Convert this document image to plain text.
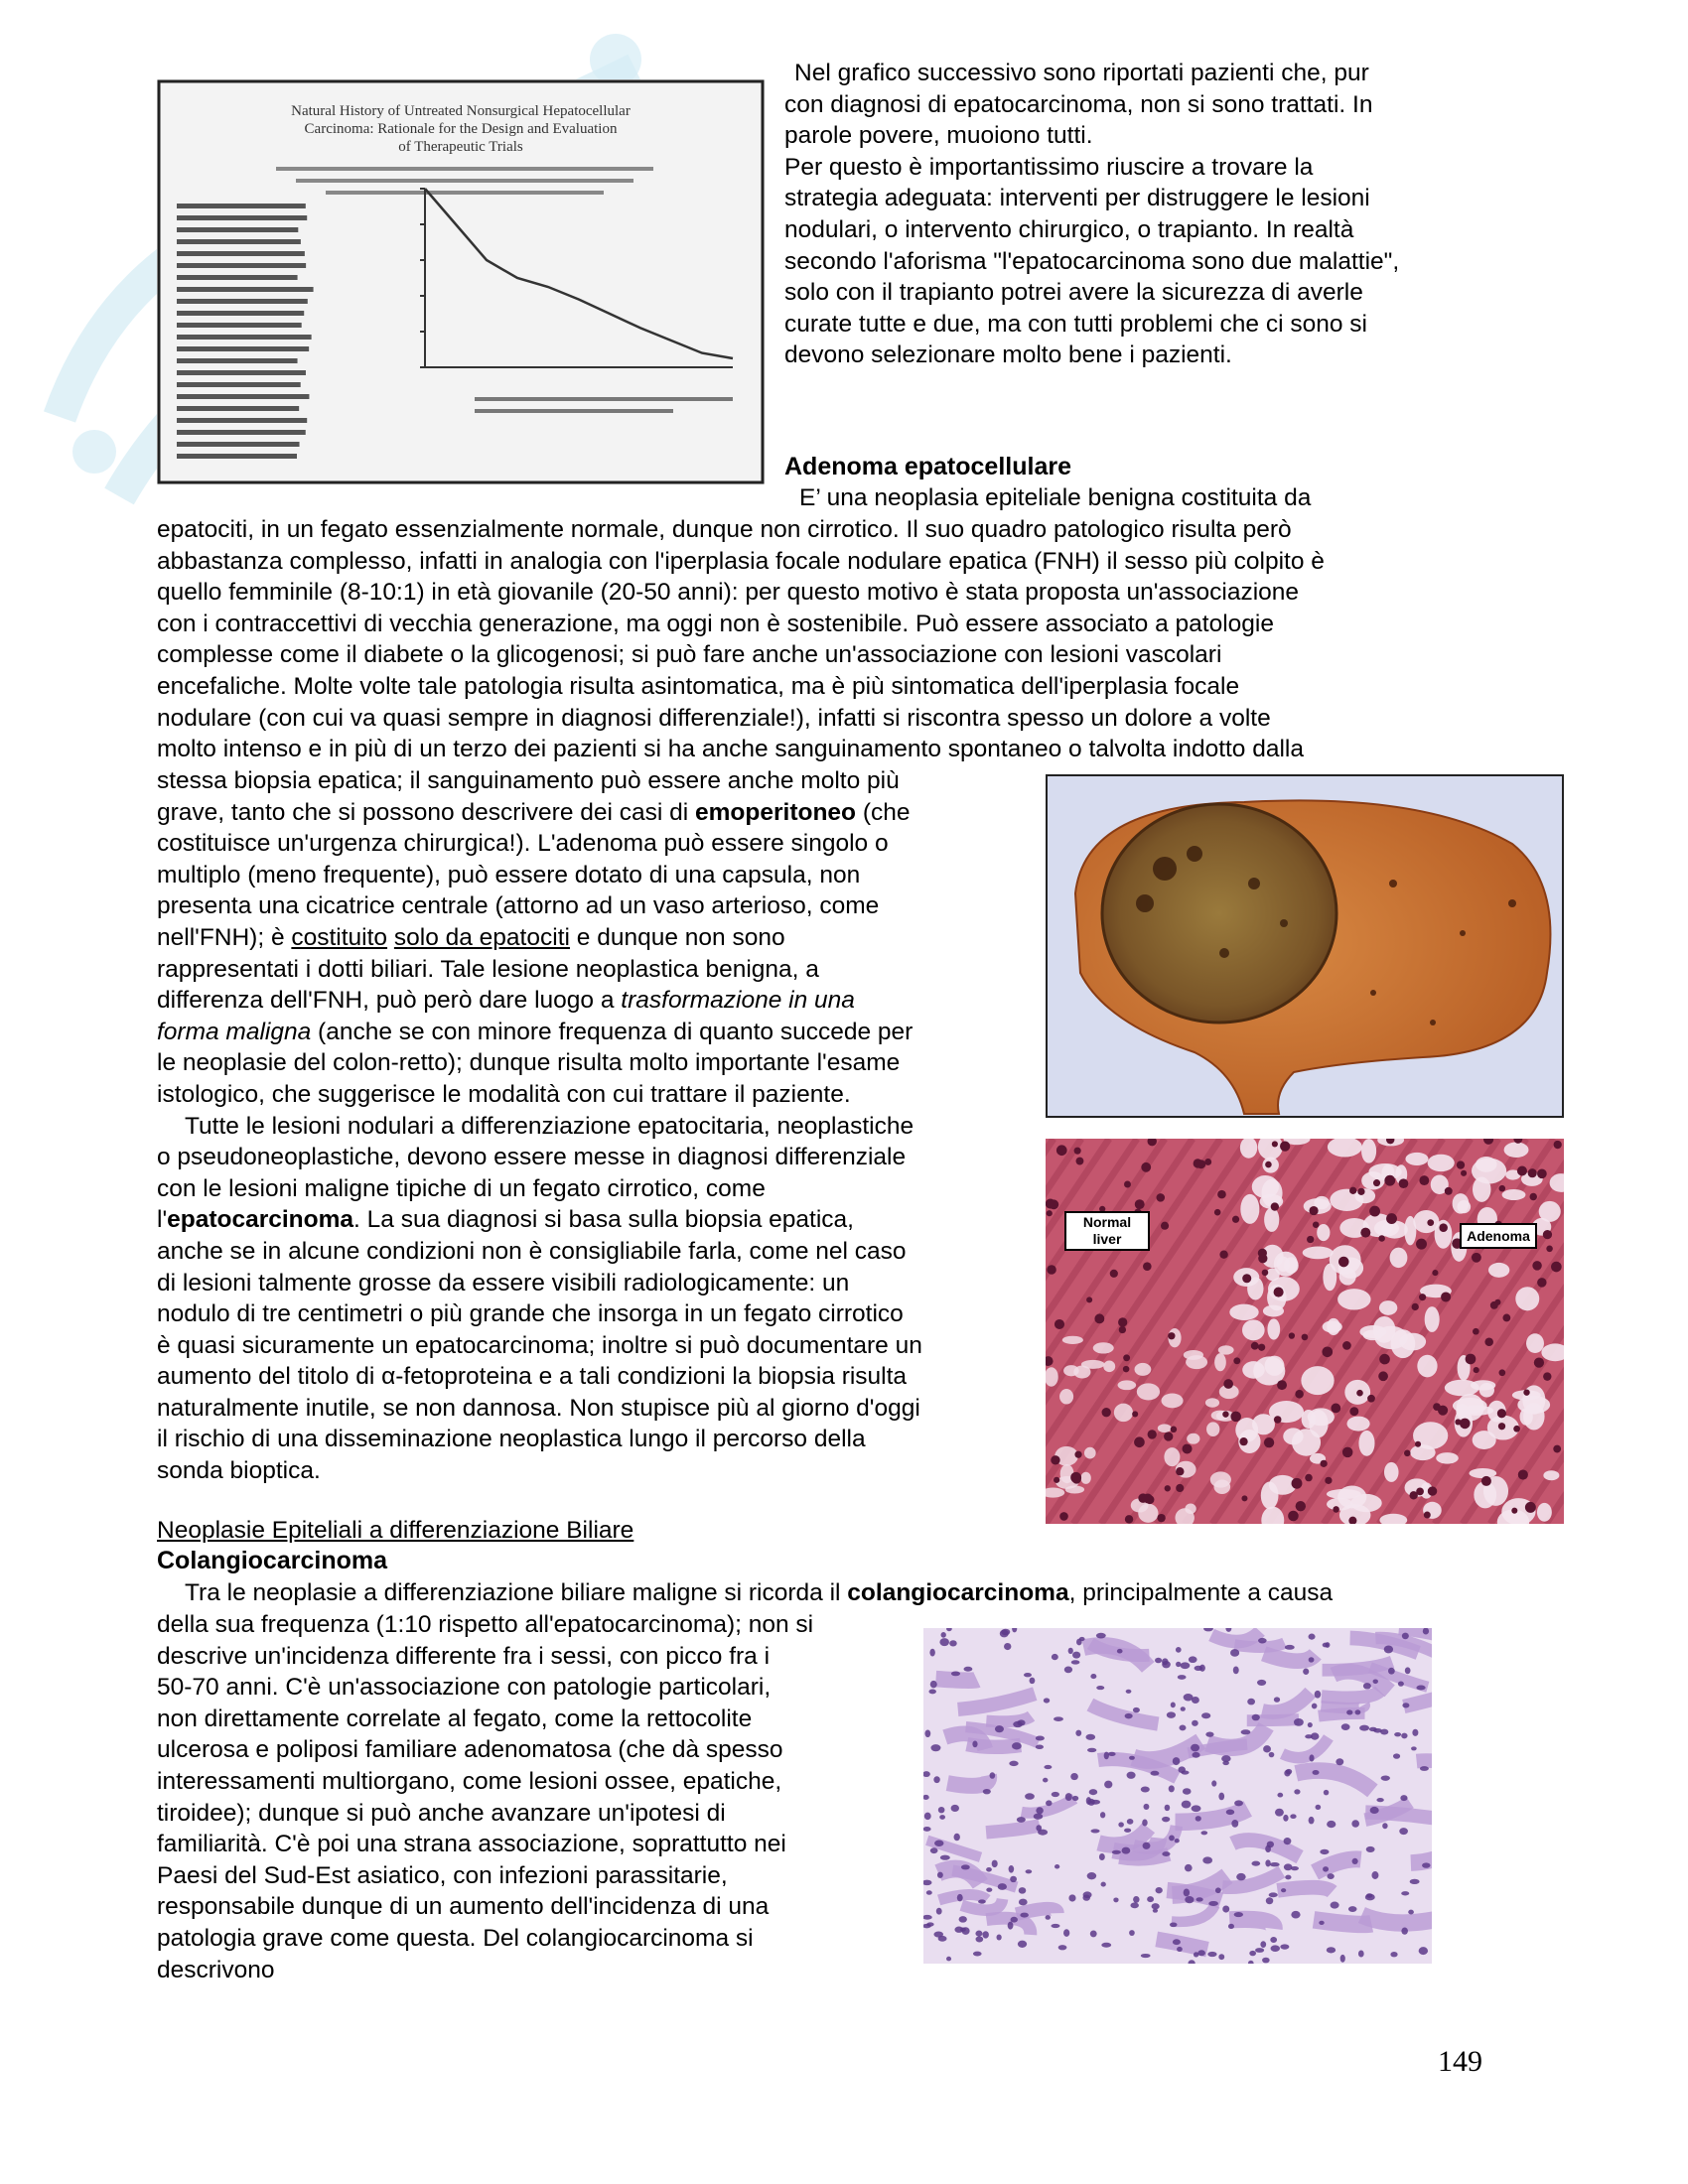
Natural History of Untreated Nonsurgical Hepatocellular
Carcinoma: Rationale for the Design and Evaluation
of Therapeutic Trials

Nel grafico successivo sono riportati pazienti che, pur

con diagnosi di epatocarcinoma, non si sono trattati. In

parole povere, muoiono tutti.

Per questo è importantissimo riuscire a trovare la

strategia adeguata: interventi per distruggere le lesioni

nodulari, o intervento chirurgico, o trapianto. In realtà

secondo l'aforisma "l'epatocarcinoma sono due malattie",

solo con il trapianto potrei avere la sicurezza di averle

curate tutte e due, ma con tutti problemi che ci sono si

devono selezionare molto bene i pazienti.

Adenoma epatocellulare
E’ una neoplasia epiteliale benigna costituita da

epatociti, in un fegato essenzialmente normale, dunque non cirrotico. Il suo quadro patologico risulta però

abbastanza complesso, infatti in analogia con l'iperplasia focale nodulare epatica (FNH) il sesso più colpito è

quello femminile (8-10:1) in età giovanile (20-50 anni): per questo motivo è stata proposta un'associazione

con i contraccettivi di vecchia generazione, ma oggi non è sostenibile. Può essere associato a patologie

complesse come il diabete o la glicogenosi; si può fare anche un'associazione con lesioni vascolari

encefaliche. Molte volte tale patologia risulta asintomatica, ma è più sintomatica dell'iperplasia focale

nodulare (con cui va quasi sempre in diagnosi differenziale!), infatti si riscontra spesso un dolore a volte

molto intenso e in più di un terzo dei pazienti si ha anche sanguinamento spontaneo o talvolta indotto dalla

stessa biopsia epatica; il sanguinamento può essere anche molto più

grave, tanto che si possono descrivere dei casi di emoperitoneo (che

costituisce un'urgenza chirurgica!). L'adenoma può essere singolo o

multiplo (meno frequente), può essere dotato di una capsula, non

presenta una cicatrice centrale (attorno ad un vaso arterioso, come

nell'FNH); è costituito solo da epatociti e dunque non sono

rappresentati i dotti biliari. Tale lesione neoplastica benigna, a

differenza dell'FNH, può però dare luogo a trasformazione in una

forma maligna (anche se con minore frequenza di quanto succede per

le neoplasie del colon-retto); dunque risulta molto importante l'esame

istologico, che suggerisce le modalità con cui trattare il paziente.

Tutte le lesioni nodulari a differenziazione epatocitaria, neoplastiche

o pseudoneoplastiche, devono essere messe in diagnosi differenziale

con le lesioni maligne tipiche di un fegato cirrotico, come

l'epatocarcinoma. La sua diagnosi si basa sulla biopsia epatica,

anche se in alcune condizioni non è consigliabile farla, come nel caso

di lesioni talmente grosse da essere visibili radiologicamente: un

nodulo di tre centimetri o più grande che insorga in un fegato cirrotico

è quasi sicuramente un epatocarcinoma; inoltre si può documentare un

aumento del titolo di α-fetoproteina e a tali condizioni la biopsia risulta

naturalmente inutile, se non dannosa. Non stupisce più al giorno d'oggi

il rischio di una disseminazione neoplastica lungo il percorso della

sonda bioptica.

Normal
liver	Adenoma
Neoplasie Epiteliali a differenziazione Biliare
Colangiocarcinoma

Tra le neoplasie a differenziazione biliare maligne si ricorda il colangiocarcinoma, principalmente a causa

della sua frequenza (1:10 rispetto all'epatocarcinoma); non si

descrive un'incidenza differente fra i sessi, con picco fra i

50-70 anni. C'è un'associazione con patologie particolari,

non direttamente correlate al fegato, come la rettocolite

ulcerosa e poliposi familiare adenomatosa (che dà spesso

interessamenti multiorgano, come lesioni ossee, epatiche,

tiroidee); dunque si può anche avanzare un'ipotesi di

familiarità. C'è poi una strana associazione, soprattutto nei

Paesi del Sud-Est asiatico, con infezioni parassitarie,

responsabile dunque di un aumento dell'incidenza di una

patologia grave come questa. Del colangiocarcinoma si

descrivono

149
